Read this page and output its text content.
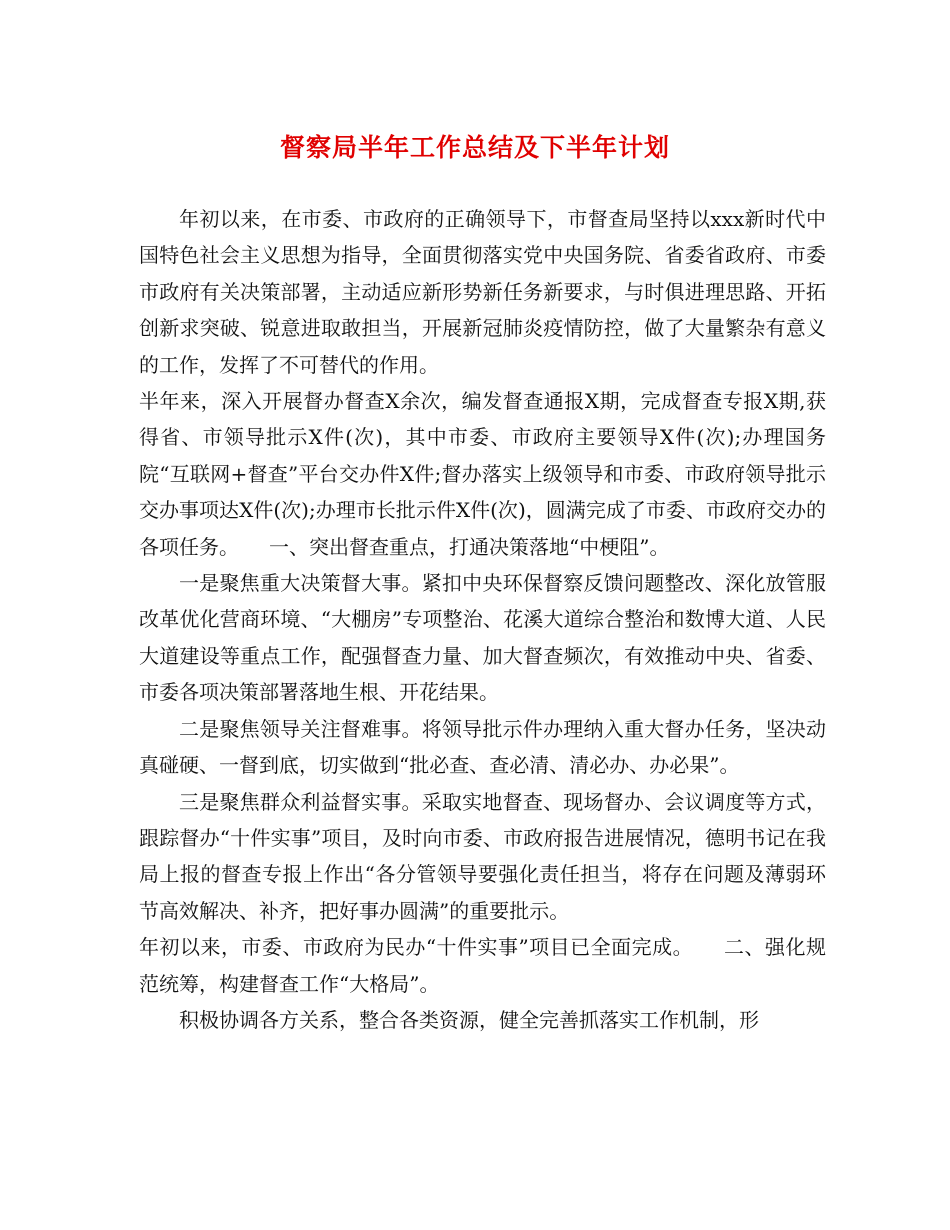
督察局半年工作总结及下半年计划

年初以来，在市委、市政府的正确领导下，市督查局坚持以xxx新时代中国特色社会主义思想为指导，全面贯彻落实党中央国务院、省委省政府、市委市政府有关决策部署，主动适应新形势新任务新要求，与时俱进理思路、开拓创新求突破、锐意进取敢担当，开展新冠肺炎疫情防控，做了大量繁杂有意义的工作，发挥了不可替代的作用。

半年来，深入开展督办督查X余次，编发督查通报X期，完成督查专报X期,获得省、市领导批示X件(次)，其中市委、市政府主要领导X件(次);办理国务院“互联网+督查”平台交办件X件;督办落实上级领导和市委、市政府领导批示交办事项达X件(次);办理市长批示件X件(次)，圆满完成了市委、市政府交办的各项任务。　　一、突出督查重点，打通决策落地“中梗阻”。

一是聚焦重大决策督大事。紧扣中央环保督察反馈问题整改、深化放管服改革优化营商环境、“大棚房”专项整治、花溪大道综合整治和数博大道、人民大道建设等重点工作，配强督查力量、加大督查频次，有效推动中央、省委、市委各项决策部署落地生根、开花结果。

二是聚焦领导关注督难事。将领导批示件办理纳入重大督办任务，坚决动真碰硬、一督到底，切实做到“批必查、查必清、清必办、办必果”。

三是聚焦群众利益督实事。采取实地督查、现场督办、会议调度等方式，跟踪督办“十件实事”项目，及时向市委、市政府报告进展情况，德明书记在我局上报的督查专报上作出“各分管领导要强化责任担当，将存在问题及薄弱环节高效解决、补齐，把好事办圆满”的重要批示。

年初以来，市委、市政府为民办“十件实事”项目已全面完成。　　二、强化规范统筹，构建督查工作“大格局”。

积极协调各方关系，整合各类资源，健全完善抓落实工作机制，形
